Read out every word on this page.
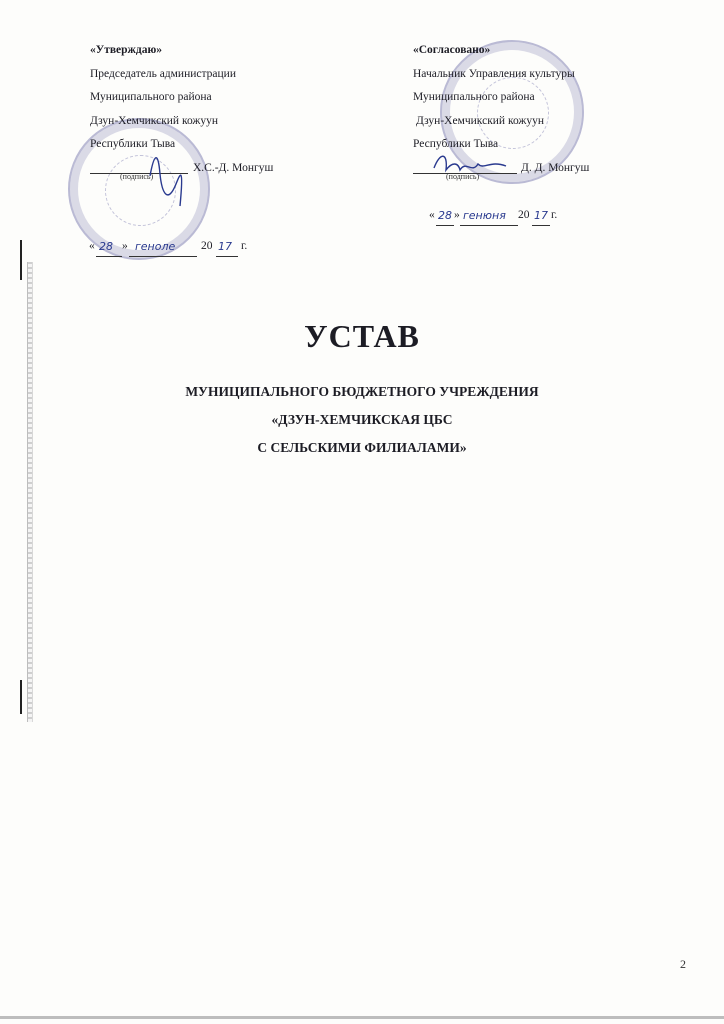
«Утверждаю»
Председатель администрации
Муниципального района
Дзун-Хемчикский кожуун
Республики Тыва
(подпись)
Х.С.-Д. Монгуш
« 28 » геноле 20 17 г.
«Согласовано»
Начальник Управления культуры
Муниципального района
Дзун-Хемчикский кожуун
Республики Тыва
(подпись)
Д. Д. Монгуш
« 28 » генюня 20 17 г.
УСТАВ
МУНИЦИПАЛЬНОГО БЮДЖЕТНОГО УЧРЕЖДЕНИЯ
«ДЗУН-ХЕМЧИКСКАЯ ЦБС
С СЕЛЬСКИМИ ФИЛИАЛАМИ»
2
